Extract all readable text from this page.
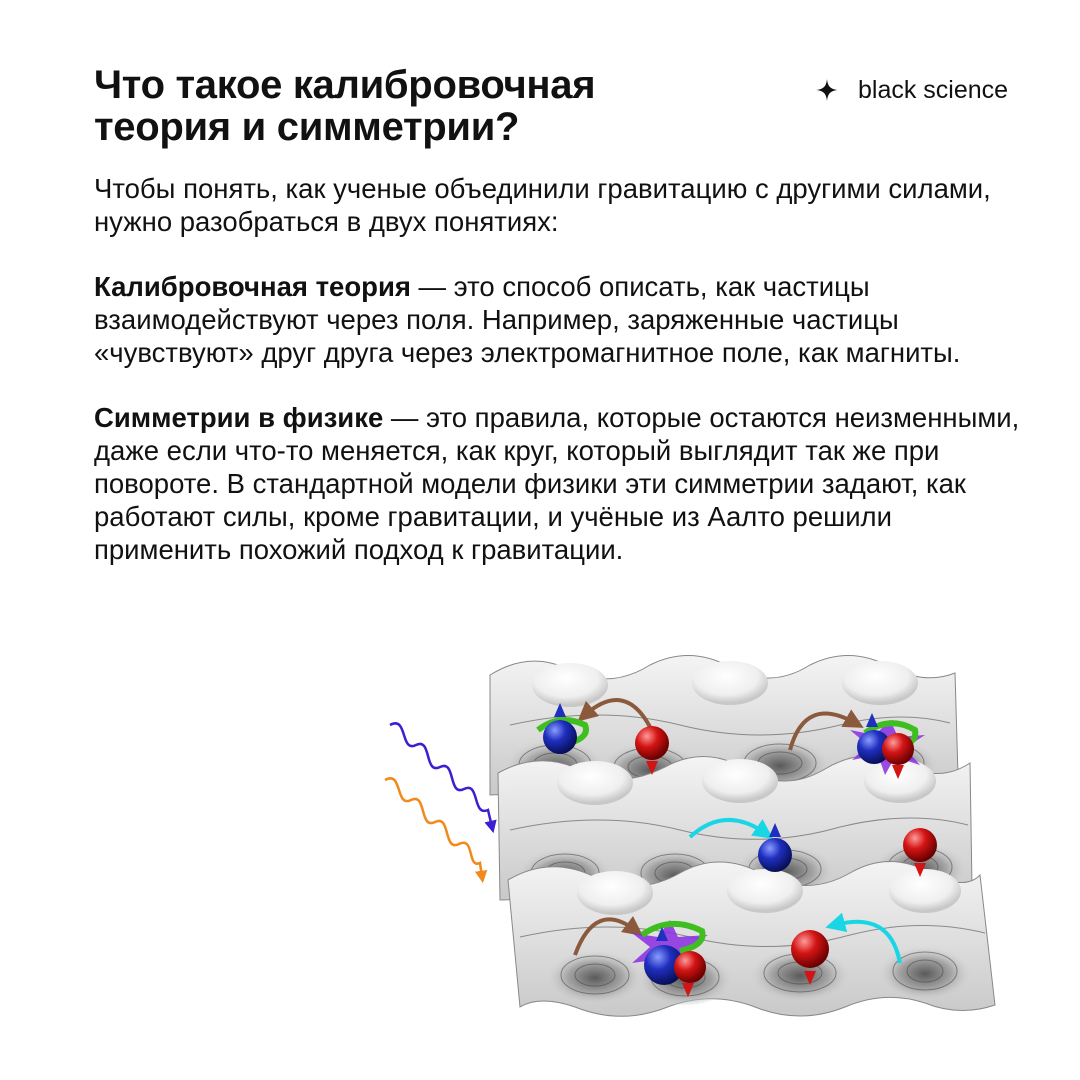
Что такое калибровочная
теория и симметрии?
black science

Чтобы понять, как ученые объединили гравитацию с другими силами, нужно разобраться в двух понятиях:

Калибровочная теория — это способ описать, как частицы взаимодействуют через поля. Например, заряженные частицы «чувствуют» друг друга через электромагнитное поле, как магниты.

Симметрии в физике — это правила, которые остаются неизменными, даже если что-то меняется, как круг, который выглядит так же при повороте. В стандартной модели физики эти симметрии задают, как работают силы, кроме гравитации, и учёные из Аалто решили применить похожий подход к гравитации.
